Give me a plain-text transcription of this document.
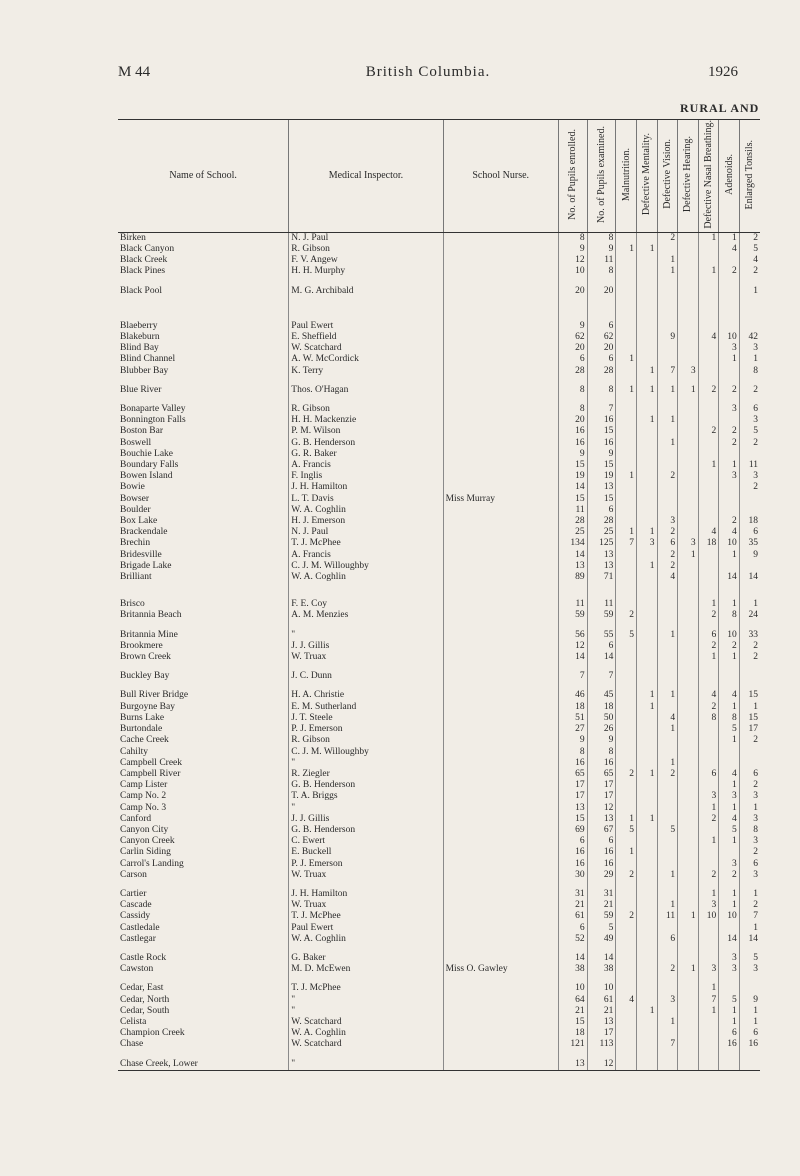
M 44	British Columbia.	1926
RURAL AND
Name of School.	Medical Inspector.	School Nurse.	No. of Pupils enrolled.	No. of Pupils examined.	Malnutrition.	Defective Mentality.	Defective Vision.	Defective Hearing.	Defective Nasal Breathing.	Adenoids.	Enlarged Tonsils.
Birken	N. J. Paul		8	8			2		1	1	2
Black Canyon	R. Gibson		9	9	1	1				4	5
Black Creek	F. V. Angew		12	11			1				4
Black Pines	H. H. Murphy		10	8			1		1	2	2

Black Pool	M. G. Archibald		20	20							1

Blaeberry	Paul Ewert		9	6							
Blakeburn	E. Sheffield		62	62			9		4	10	42
Blind Bay	W. Scatchard		20	20						3	3
Blind Channel	A. W. McCordick		6	6	1					1	1
Blubber Bay	K. Terry		28	28		1	7	3			8

Blue River	Thos. O'Hagan		8	8	1	1	1	1	2	2	2

Bonaparte Valley	R. Gibson		8	7						3	6
Bonnington Falls	H. H. Mackenzie		20	16		1	1				3
Boston Bar	P. M. Wilson		16	15					2	2	5
Boswell	G. B. Henderson		16	16			1			2	2
Bouchie Lake	G. R. Baker		9	9							
Boundary Falls	A. Francis		15	15					1	1	11
Bowen Island	F. Inglis		19	19	1		2			3	3
Bowie	J. H. Hamilton		14	13							2
Bowser	L. T. Davis	Miss Murray	15	15							
Boulder	W. A. Coghlin		11	6							
Box Lake	H. J. Emerson		28	28			3			2	18
Brackendale	N. J. Paul		25	25	1	1	2		4	4	6
Brechin	T. J. McPhee		134	125	7	3	6	3	18	10	35
Bridesville	A. Francis		14	13			2	1		1	9
Brigade Lake	C. J. M. Willoughby		13	13		1	2				
Brilliant	W. A. Coghlin		89	71			4			14	14

Brisco	F. E. Coy		11	11					1	1	1
Britannia Beach	A. M. Menzies		59	59	2				2	8	24

Britannia Mine	"		56	55	5		1		6	10	33
Brookmere	J. J. Gillis		12	6					2	2	2
Brown Creek	W. Truax		14	14					1	1	2

Buckley Bay	J. C. Dunn		7	7							

Bull River Bridge	H. A. Christie		46	45		1	1		4	4	15
Burgoyne Bay	E. M. Sutherland		18	18		1			2	1	1
Burns Lake	J. T. Steele		51	50			4		8	8	15
Burtondale	P. J. Emerson		27	26			1			5	17
Cache Creek	R. Gibson		9	9						1	2
Cahilty	C. J. M. Willoughby		8	8							
Campbell Creek	"		16	16			1				
Campbell River	R. Ziegler		65	65	2	1	2		6	4	6
Camp Lister	G. B. Henderson		17	17						1	2
Camp No. 2	T. A. Briggs		17	17					3	3	3
Camp No. 3	"		13	12					1	1	1
Canford	J. J. Gillis		15	13	1	1			2	4	3
Canyon City	G. B. Henderson		69	67	5		5			5	8
Canyon Creek	C. Ewert		6	6					1	1	3
Carlin Siding	E. Buckell		16	16	1						2
Carrol's Landing	P. J. Emerson		16	16						3	6
Carson	W. Truax		30	29	2		1		2	2	3

Cartier	J. H. Hamilton		31	31					1	1	1
Cascade	W. Truax		21	21			1		3	1	2
Cassidy	T. J. McPhee		61	59	2		11	1	10	10	7
Castledale	Paul Ewert		6	5							1
Castlegar	W. A. Coghlin		52	49			6			14	14

Castle Rock	G. Baker		14	14						3	5
Cawston	M. D. McEwen	Miss O. Gawley	38	38			2	1	3	3	3

Cedar, East	T. J. McPhee		10	10					1		
Cedar, North	"		64	61	4		3		7	5	9
Cedar, South	"		21	21		1			1	1	1
Celista	W. Scatchard		15	13			1			1	1
Champion Creek	W. A. Coghlin		18	17						6	6
Chase	W. Scatchard		121	113			7			16	16

Chase Creek, Lower	"		13	12							
